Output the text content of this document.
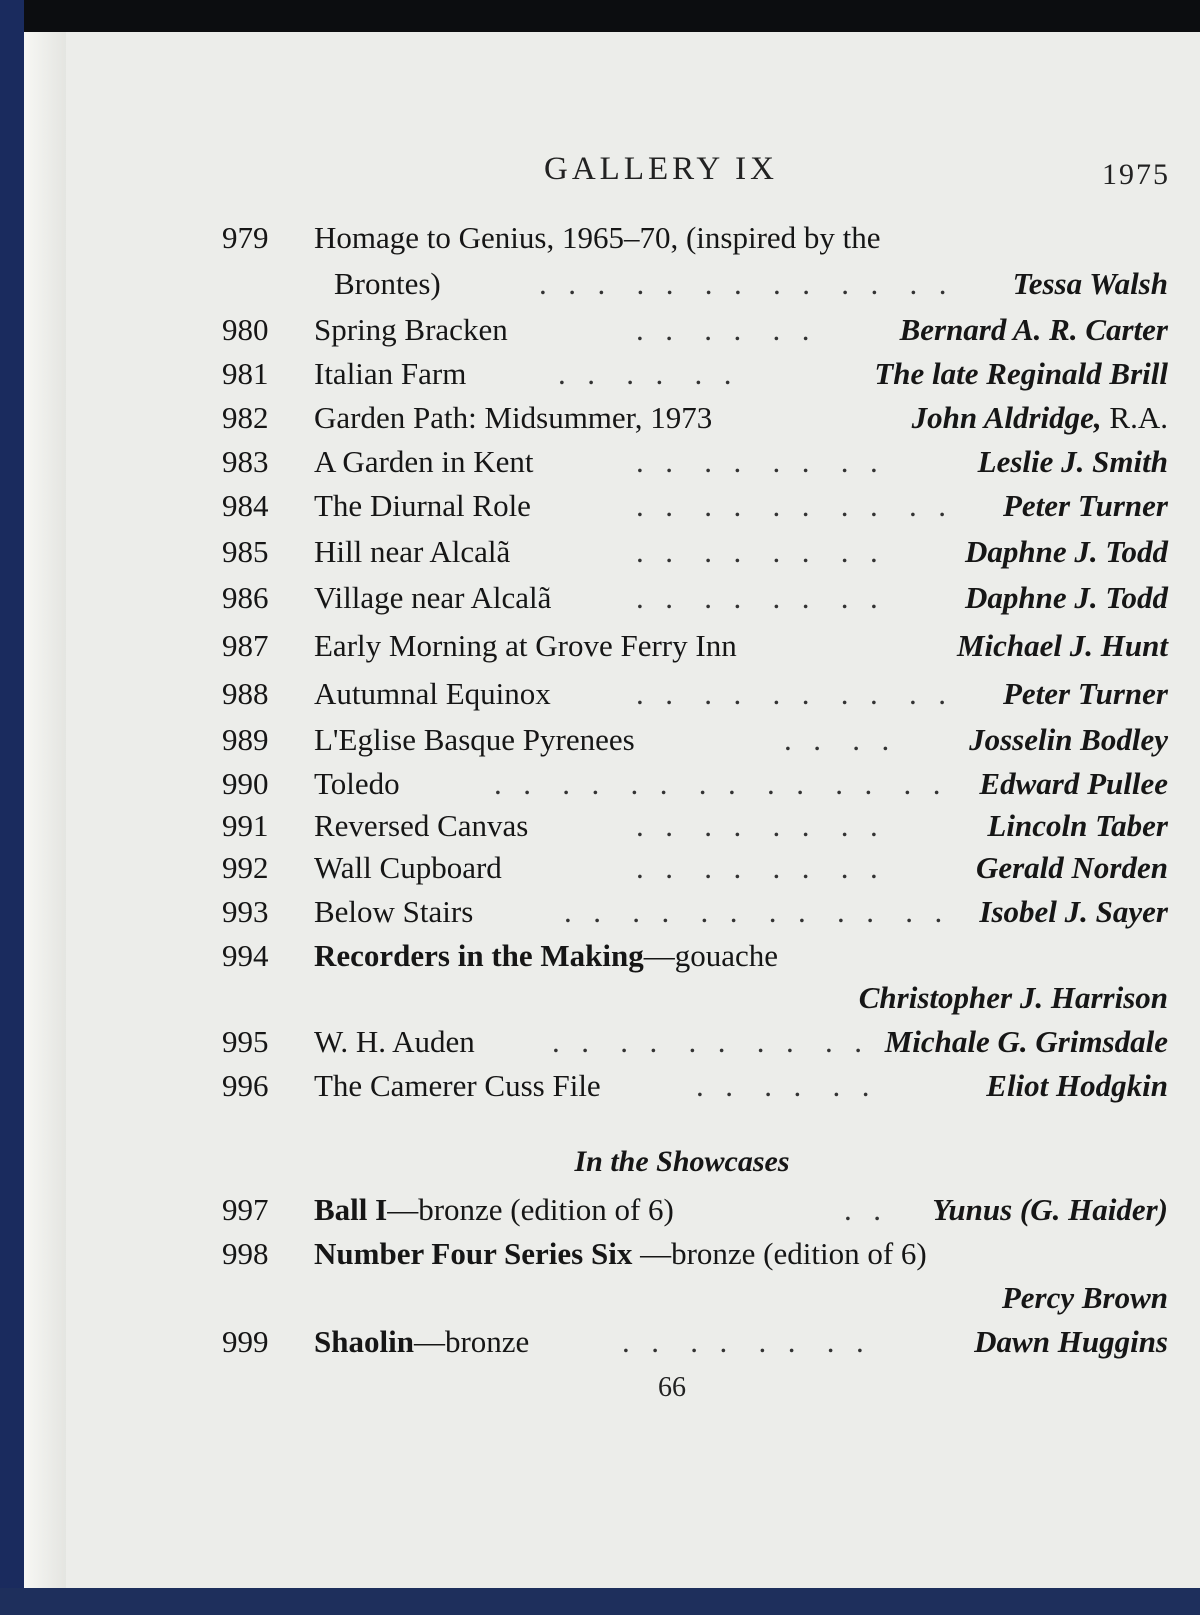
GALLERY IX	1975
979 Homage to Genius, 1965–70, (inspired by the
Brontes)	.  .  .   .  .   .  .   .  .   .  .   .  . Tessa Walsh
980 Spring Bracken	.  .   .  .   .  .	Bernard A. R. Carter
981 Italian Farm	.  .   .  .   .  .	The late Reginald Brill
982 Garden Path: Midsummer, 1973	John Aldridge, R.A.
983 A Garden in Kent	.  .   .  .   .  .   .  .	Leslie J. Smith
984 The Diurnal Role	.  .   .  .   .  .   .  .   .  . Peter Turner
985 Hill near Alcalã	.  .   .  .   .  .   .  .	Daphne J. Todd
986 Village near Alcalã	.  .   .  .   .  .   .  .	Daphne J. Todd
987 Early Morning at Grove Ferry Inn	Michael J. Hunt
988 Autumnal Equinox	.  .   .  .   .  .   .  .   .  . Peter Turner
989 L'Eglise Basque Pyrenees	.  .   .  .	Josselin Bodley
990 Toledo	.  .   .  .   .  .   .  .   .  .   .  .   .  . Edward Pullee
991 Reversed Canvas	.  .   .  .   .  .   .  .	Lincoln Taber
992 Wall Cupboard	.  .   .  .   .  .   .  .	Gerald Norden
993 Below Stairs	.  .   .  .   .  .   .  .   .  .   .  . Isobel J. Sayer
994 Recorders in the Making—gouache
Christopher J. Harrison
995 W. H. Auden .  .   .  .   .  .   .  .   .  . Michale G. Grimsdale
996 The Camerer Cuss File	.  .   .  .   .  .	Eliot Hodgkin
In the Showcases
997 Ball I—bronze (edition of 6)	.  . Yunus (G. Haider)
998 Number Four Series Six —bronze (edition of 6)
Percy Brown
999 Shaolin—bronze	.  .   .  .   .  .   .  .	Dawn Huggins
66
